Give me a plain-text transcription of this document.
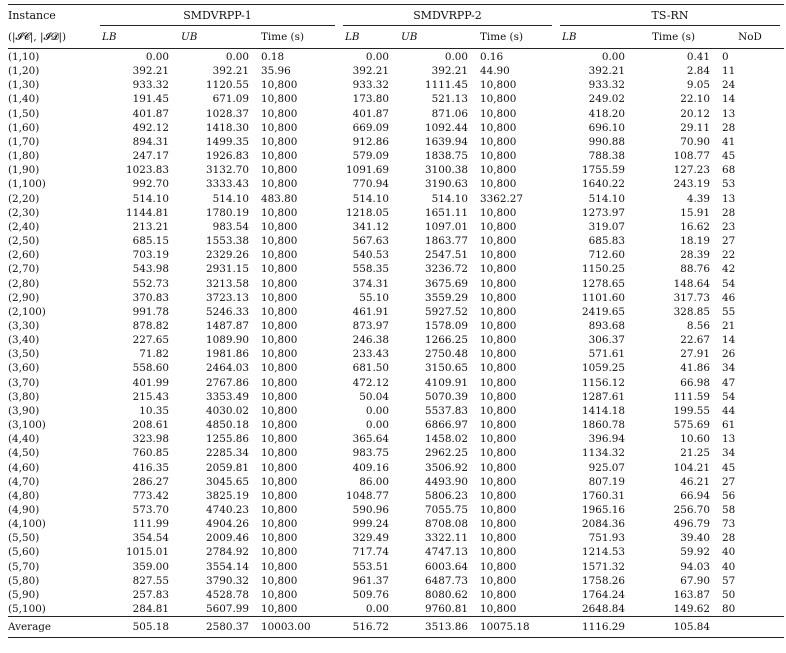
Instance	SMDVRPP-1			SMDVRPP-2			TS-RN		

(|𝓘𝓒|, |𝓘𝓓|)	LB	UB	Time (s)	LB	UB	Time (s)	LB	Time (s)	NoD
(1,10)	0.00	0.00	0.18	0.00	0.00	0.16	0.00	0.41	0
(1,20)	392.21	392.21	35.96	392.21	392.21	44.90	392.21	2.84	11
(1,30)	933.32	1120.55	10,800	933.32	1111.45	10,800	933.32	9.05	24
(1,40)	191.45	671.09	10,800	173.80	521.13	10,800	249.02	22.10	14
(1,50)	401.87	1028.37	10,800	401.87	871.06	10,800	418.20	20.12	13
(1,60)	492.12	1418.30	10,800	669.09	1092.44	10,800	696.10	29.11	28
(1,70)	894.31	1499.35	10,800	912.86	1639.94	10,800	990.88	70.90	41
(1,80)	247.17	1926.83	10,800	579.09	1838.75	10,800	788.38	108.77	45
(1,90)	1023.83	3132.70	10,800	1091.69	3100.38	10,800	1755.59	127.23	68
(1,100)	992.70	3333.43	10,800	770.94	3190.63	10,800	1640.22	243.19	53
(2,20)	514.10	514.10	483.80	514.10	514.10	3362.27	514.10	4.39	13
(2,30)	1144.81	1780.19	10,800	1218.05	1651.11	10,800	1273.97	15.91	28
(2,40)	213.21	983.54	10,800	341.12	1097.01	10,800	319.07	16.62	23
(2,50)	685.15	1553.38	10,800	567.63	1863.77	10,800	685.83	18.19	27
(2,60)	703.19	2329.26	10,800	540.53	2547.51	10,800	712.60	28.39	22
(2,70)	543.98	2931.15	10,800	558.35	3236.72	10,800	1150.25	88.76	42
(2,80)	552.73	3213.58	10,800	374.31	3675.69	10,800	1278.65	148.64	54
(2,90)	370.83	3723.13	10,800	55.10	3559.29	10,800	1101.60	317.73	46
(2,100)	991.78	5246.33	10,800	461.91	5927.52	10,800	2419.65	328.85	55
(3,30)	878.82	1487.87	10,800	873.97	1578.09	10,800	893.68	8.56	21
(3,40)	227.65	1089.90	10,800	246.38	1266.25	10,800	306.37	22.67	14
(3,50)	71.82	1981.86	10,800	233.43	2750.48	10,800	571.61	27.91	26
(3,60)	558.60	2464.03	10,800	681.50	3150.65	10,800	1059.25	41.86	34
(3,70)	401.99	2767.86	10,800	472.12	4109.91	10,800	1156.12	66.98	47
(3,80)	215.43	3353.49	10,800	50.04	5070.39	10,800	1287.61	111.59	54
(3,90)	10.35	4030.02	10,800	0.00	5537.83	10,800	1414.18	199.55	44
(3,100)	208.61	4850.18	10,800	0.00	6866.97	10,800	1860.78	575.69	61
(4,40)	323.98	1255.86	10,800	365.64	1458.02	10,800	396.94	10.60	13
(4,50)	760.85	2285.34	10,800	983.75	2962.25	10,800	1134.32	21.25	34
(4,60)	416.35	2059.81	10,800	409.16	3506.92	10,800	925.07	104.21	45
(4,70)	286.27	3045.65	10,800	86.00	4493.90	10,800	807.19	46.21	27
(4,80)	773.42	3825.19	10,800	1048.77	5806.23	10,800	1760.31	66.94	56
(4,90)	573.70	4740.23	10,800	590.96	7055.75	10,800	1965.16	256.70	58
(4,100)	111.99	4904.26	10,800	999.24	8708.08	10,800	2084.36	496.79	73
(5,50)	354.54	2009.46	10,800	329.49	3322.11	10,800	751.93	39.40	28
(5,60)	1015.01	2784.92	10,800	717.74	4747.13	10,800	1214.53	59.92	40
(5,70)	359.00	3554.14	10,800	553.51	6003.64	10,800	1571.32	94.03	40
(5,80)	827.55	3790.32	10,800	961.37	6487.73	10,800	1758.26	67.90	57
(5,90)	257.83	4528.78	10,800	509.76	8080.62	10,800	1764.24	163.87	50
(5,100)	284.81	5607.99	10,800	0.00	9760.81	10,800	2648.84	149.62	80
Average	505.18	2580.37	10003.00	516.72	3513.86	10075.18	1116.29	105.84	
